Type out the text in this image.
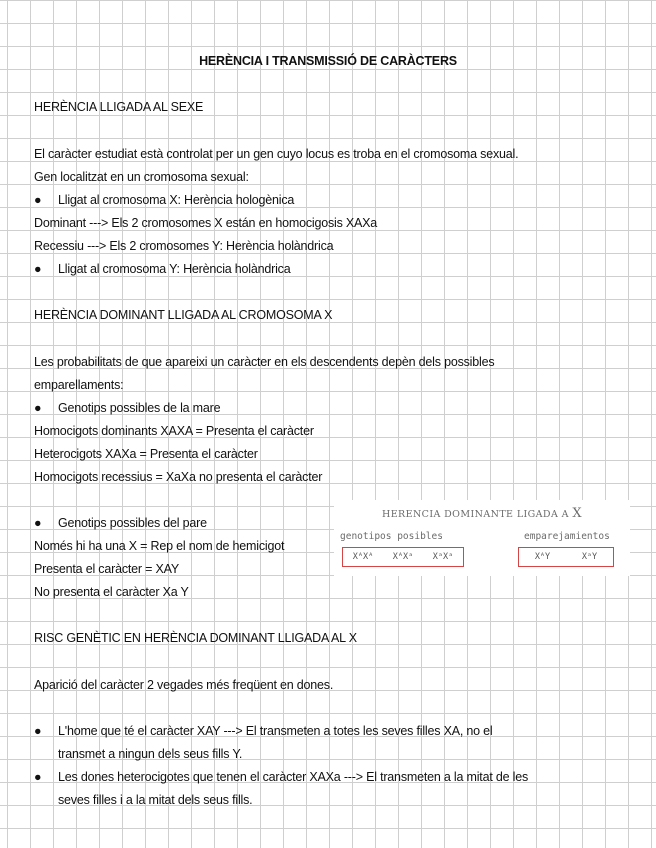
HERÈNCIA I TRANSMISSIÓ DE CARÀCTERS
HERÈNCIA LLIGADA AL SEXE
El caràcter estudiat està controlat per un gen cuyo locus es troba en el cromosoma sexual.
Gen localitzat en un cromosoma sexual:
● Lligat al cromosoma X: Herència hologènica
Dominant ---> Els 2 cromosomes X están en homocigosis XAXa
Recessiu ---> Els 2 cromosomes Y: Herència holàndrica
● Lligat al cromosoma Y: Herència holàndrica
HERÈNCIA DOMINANT LLIGADA AL CROMOSOMA X
Les probabilitats de que apareixi un caràcter en els descendents depèn dels possibles
emparellaments:
● Genotips possibles de la mare
Homocigots dominants XAXA = Presenta el caràcter
Heterocigots XAXa = Presenta el caràcter
Homocigots recessius = XaXa no presenta el caràcter
● Genotips possibles del pare
Només hi ha una X = Rep el nom de hemicigot
Presenta el caràcter = XAY
No presenta el caràcter Xa Y
HERENCIA DOMINANTE LIGADA A X
genotipos posibles	emparejamientos
XᴬXᴬ XᴬXᵃ XᵃXᵃ	XᴬY	XᵃY
RISC GENÈTIC EN HERÈNCIA DOMINANT LLIGADA AL X
Aparició del caràcter 2 vegades més freqüent en dones.
● L'home que té el caràcter XAY ---> El transmeten a totes les seves filles XA, no el
transmet a ningun dels seus fills Y.
● Les dones heterocigotes que tenen el caràcter XAXa ---> El transmeten a la mitat de les
seves filles i a la mitat dels seus fills.
